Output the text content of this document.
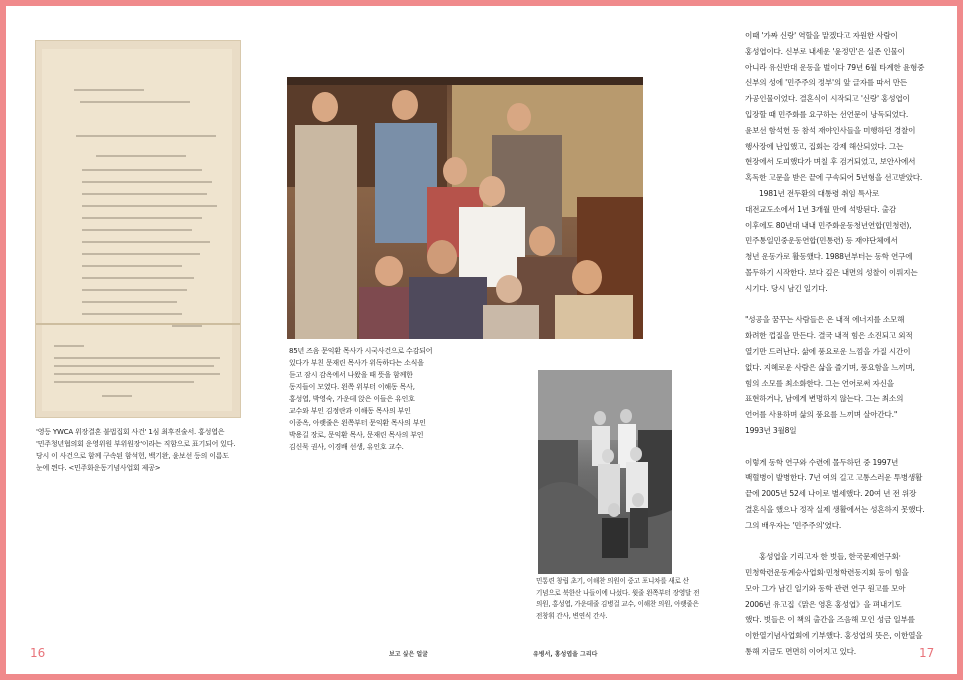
'영등 YWCA 위장결혼 불법집회 사건' 1심 최후진술서. 홍성엽은
'민주청년협의회 운영위원 부위원장'이라는 직함으로 표기되어 있다.
당시 이 사건으로 함께 구속된 함석헌, 백기완, 윤보선 등의 이름도
눈에 띈다. <민주화운동기념사업회 제공>
85년 즈음 문익환 목사가 시국사건으로 수감되어
있다가 부친 문재린 목사가 위독하다는 소식을
듣고 잠시 감옥에서 나왔을 때 뜻을 함께한
동지들이 모였다. 왼쪽 위부터 이해동 목사,
홍성엽, 박영숙, 가운데 앉은 이들은 유인호
교수와 부인 김정란과 이해동 목사의 부인
이종옥, 아랫줄은 왼쪽부터 문익환 목사의 부인
박용길 장로, 문익환 목사, 문재린 목사의 부인
김신묵 권사, 이경배 선생, 유인호 교수.
민통련 창립 초기, 이해찬 의원이 중고 포니차를 새로 산
기념으로 북한산 나들이에 나섰다. 윗줄 왼쪽부터 장영달 전
의원, 홍성엽, 가운데줄 김병걸 교수, 이해찬 의원, 아랫줄은
전창휘 간사, 변연식 간사.

이때 '가짜 신랑' 역할을 맡겠다고 자원한 사람이

홍성엽이다. 신부로 내세운 '윤정민'은 실존 인물이

아니라 유신반대 운동을 벌이다 79년 6월 타계한 윤형중

신부의 성에 '민주주의 정부'의 앞 글자를 따서 만든

가공인물이었다. 결혼식이 시작되고 '신랑' 홍성엽이

입장할 때 민주화를 요구하는 선언문이 낭독되었다.

윤보선 함석헌 등 참석 재야인사들을 미행하던 경찰이

행사장에 난입했고, 집회는 강제 해산되었다. 그는

현장에서 도피했다가 며칠 후 검거되었고, 보안사에서

혹독한 고문을 받은 끝에 구속되어 5년형을 선고받았다.

1981년 전두환의 대통령 취임 특사로

대전교도소에서 1년 3개월 만에 석방된다. 출감

이후에도 80년대 내내 민주화운동청년연합(민청련),

민주통일민중운동연합(민통련) 등 재야단체에서

청년 운동가로 활동했다. 1988년부터는 동학 연구에

몰두하기 시작한다. 보다 깊은 내면의 성찰이 이뤄지는

시기다. 당시 남긴 일기다.

"성공을 꿈꾸는 사람들은 온 내적 에너지를 소모해

화려한 껍질을 만든다. 결국 내적 힘은 소진되고 외적

열기만 드러난다. 삶에 풍요로운 느낌을 가질 시간이

없다. 지혜로운 사람은 삶을 즐기며, 풍요함을 느끼며,

힘의 소모를 최소화한다. 그는 언어로써 자신을

표현하거나, 남에게 변명하지 않는다. 그는 최소의

언어를 사용하며 삶의 풍요를 느끼며 살아간다."

1993년 3월8일

이렇게 동학 연구와 수련에 몰두하던 중 1997년

백혈병이 발병한다. 7년 여의 길고 고통스러운 투병생활

끝에 2005년 52세 나이로 별세했다. 20여 년 전 위장

결혼식을 했으나 정작 실제 생활에서는 성혼하지 못했다.

그의 배우자는 '민주주의'였다.

홍성엽을 기리고자 한 벗들, 한국문제연구회·

민청학련운동계승사업회·민청학련동지회 등이 힘을

모아 그가 남긴 일기와 동학 관련 연구 원고를 모아

2006년 유고집《맑은 영혼 홍성엽》을 펴내기도

했다. 벗들은 이 책의 출간을 즈음해 모인 성금 일부를

이한열기념사업회에 기부했다. 홍성엽의 뜻은, 이한열을

통해 지금도 면면히 이어지고 있다.

16	보고 싶은 얼굴	유병서, 홍성엽을 그리다	17
